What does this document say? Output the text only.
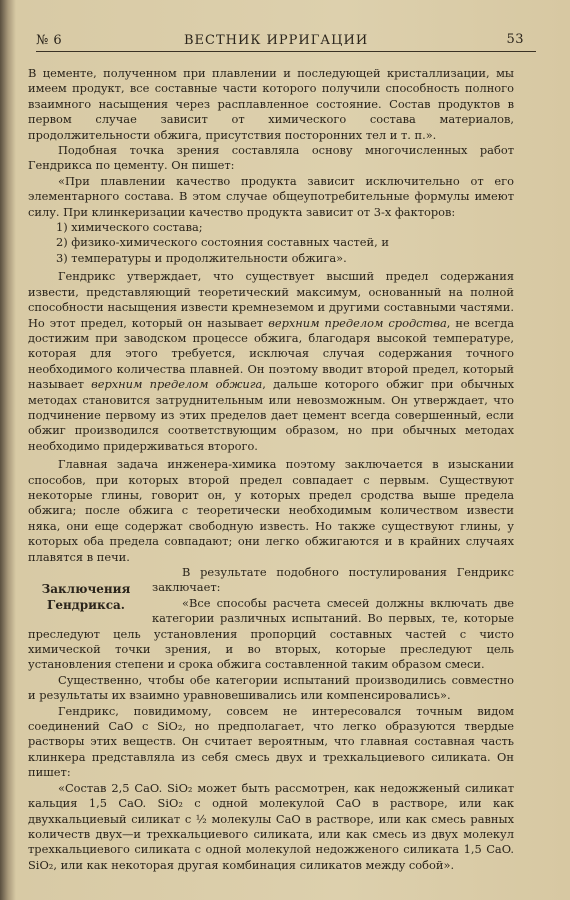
№ 6	ВЕСТНИК ИРРИГАЦИИ	53

В цементе, полученном при плавлении и последующей кристаллизации, мы имеем продукт, все составные части которого получили способность полного взаимного насыщения через расплавленное состояние. Состав продуктов в первом случае зависит от химического состава материалов, продолжительности обжига, присутствия посторонних тел и т. п.».

Подобная точка зрения составляла основу многочисленных работ Гендрикса по цементу. Он пишет:

«При плавлении качество продукта зависит исключительно от его элементарного состава. В этом случае общеупотребительные формулы имеют силу. При клинкеризации качество продукта зависит от 3-х факторов:

1) химического состава;

2) физико-химического состояния составных частей, и

3) температуры и продолжительности обжига».

Гендрикс утверждает, что существует высший предел содержания извести, представляющий теоретический максимум, основанный на полной способности насыщения извести кремнеземом и другими составными частями. Но этот предел, который он называет верхним пределом сродства, не всегда достижим при заводском процессе обжига, благодаря высокой температуре, которая для этого требуется, исключая случая содержания точного необходимого количества плавней. Он поэтому вводит второй предел, который называет верхним пределом обжига, дальше которого обжиг при обычных методах становится затруднительным или невозможным. Он утверждает, что подчинение первому из этих пределов дает цемент всегда совершенный, если обжиг производился соответствующим образом, но при обычных методах необходимо придерживаться второго.

Главная задача инженера-химика поэтому заключается в изыскании способов, при которых второй предел совпадает с первым. Существуют некоторые глины, говорит он, у которых предел сродства выше предела обжига; после обжига с теоретически необходимым количеством извести няка, они еще содержат свободную известь. Но также существуют глины, у которых оба предела совпадают; они легко обжигаются и в крайних случаях плавятся в печи.

Заключения Гендрикса.

В результате подобного постулирования Гендрикс заключает:

«Все способы расчета смесей должны включать две категории различных испытаний. Во первых, те, которые преследуют цель установления пропорций составных частей с чисто химической точки зрения, и во вторых, которые преследуют цель установления степени и срока обжига составленной таким образом смеси.

Существенно, чтобы обе категории испытаний производились совместно и результаты их взаимно уравновешивались или компенсировались».

Гендрикс, повидимому, совсем не интересовался точным видом соединений CaO с SiO₂, но предполагает, что легко образуются твердые растворы этих веществ. Он считает вероятным, что главная составная часть клинкера представляла из себя смесь двух и трехкальциевого силиката. Он пишет:

«Состав 2,5 CaO. SiO₂ может быть рассмотрен, как недожженый силикат кальция 1,5 CaO. SiO₂ с одной молекулой CaO в растворе, или как двухкальциевый силикат с ½ молекулы CaO в растворе, или как смесь равных количеств двух—и трехкальциевого силиката, или как смесь из двух молекул трехкальциевого силиката с одной молекулой недожженого силиката 1,5 CaO. SiO₂, или как некоторая другая комбинация силикатов между собой».
